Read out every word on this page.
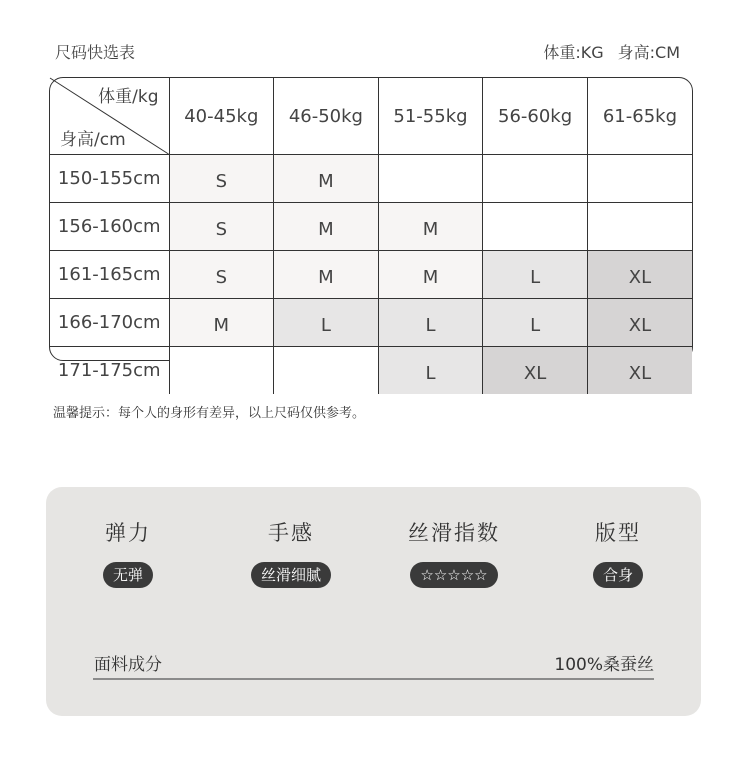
尺码快选表	体重:KG 身高:CM
体重/kg
身高/cm	40-45kg	46-50kg	51-55kg	56-60kg	61-65kg
150-155cm	S	M			
156-160cm	S	M	M		
161-165cm	S	M	M	L	XL
166-170cm	M	L	L	L	XL
171-175cm			L	XL	XL
温馨提示：每个人的身形有差异，以上尺码仅供参考。
弹力
无弹
手感
丝滑细腻
丝滑指数
☆☆☆☆☆
版型
合身
面料成分	100%桑蚕丝
